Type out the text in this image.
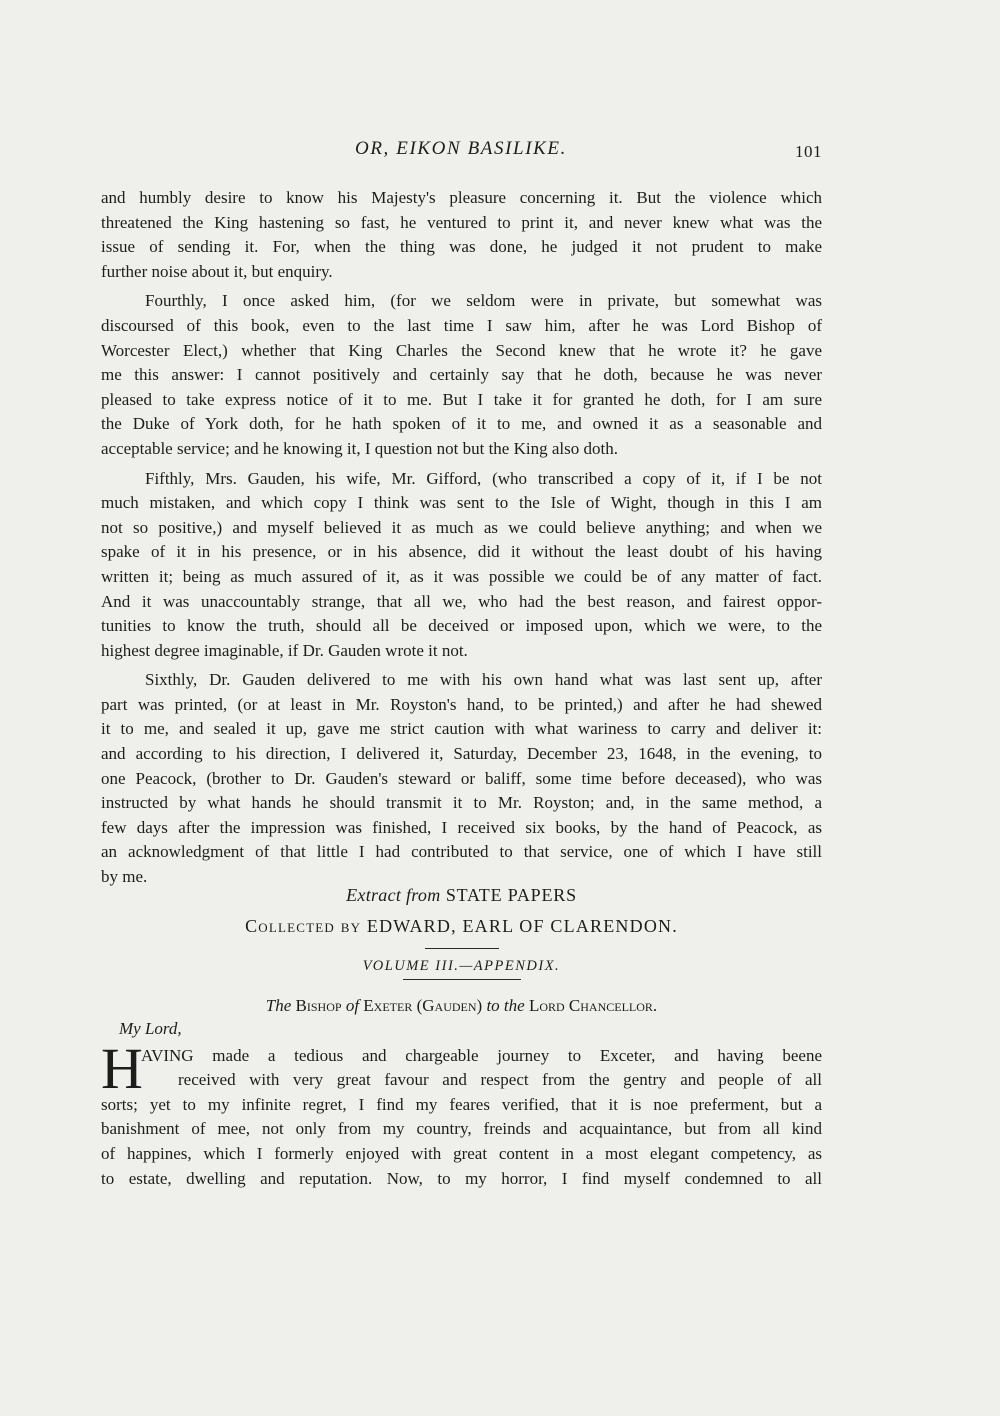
OR, EIKON BASILIKE.	101

and humbly desire to know his Majesty's pleasure concerning it. But the violence which
threatened the King hastening so fast, he ventured to print it, and never knew what was the
issue of sending it. For, when the thing was done, he judged it not prudent to make
further noise about it, but enquiry.

Fourthly, I once asked him, (for we seldom were in private, but somewhat was
discoursed of this book, even to the last time I saw him, after he was Lord Bishop of
Worcester Elect,) whether that King Charles the Second knew that he wrote it? he gave
me this answer: I cannot positively and certainly say that he doth, because he was never
pleased to take express notice of it to me. But I take it for granted he doth, for I am sure
the Duke of York doth, for he hath spoken of it to me, and owned it as a seasonable and
acceptable service; and he knowing it, I question not but the King also doth.

Fifthly, Mrs. Gauden, his wife, Mr. Gifford, (who transcribed a copy of it, if I be not
much mistaken, and which copy I think was sent to the Isle of Wight, though in this I am
not so positive,) and myself believed it as much as we could believe anything; and when we
spake of it in his presence, or in his absence, did it without the least doubt of his having
written it; being as much assured of it, as it was possible we could be of any matter of fact.
And it was unaccountably strange, that all we, who had the best reason, and fairest oppor-
tunities to know the truth, should all be deceived or imposed upon, which we were, to the
highest degree imaginable, if Dr. Gauden wrote it not.

Sixthly, Dr. Gauden delivered to me with his own hand what was last sent up, after
part was printed, (or at least in Mr. Royston's hand, to be printed,) and after he had shewed
it to me, and sealed it up, gave me strict caution with what wariness to carry and deliver it:
and according to his direction, I delivered it, Saturday, December 23, 1648, in the evening, to
one Peacock, (brother to Dr. Gauden's steward or baliff, some time before deceased), who was
instructed by what hands he should transmit it to Mr. Royston; and, in the same method, a
few days after the impression was finished, I received six books, by the hand of Peacock, as
an acknowledgment of that little I had contributed to that service, one of which I have still
by me.

Extract from STATE PAPERS
Collected by EDWARD, EARL OF CLARENDON.
VOLUME III.—APPENDIX.
The Bishop of Exeter (Gauden) to the Lord Chancellor.
My Lord,
H
AVING made a tedious and chargeable journey to Exceter, and having beene
received with very great favour and respect from the gentry and people of all
sorts; yet to my infinite regret, I find my feares verified, that it is noe preferment, but a
banishment of mee, not only from my country, freinds and acquaintance, but from all kind
of happines, which I formerly enjoyed with great content in a most elegant competency, as
to estate, dwelling and reputation. Now, to my horror, I find myself condemned to all
